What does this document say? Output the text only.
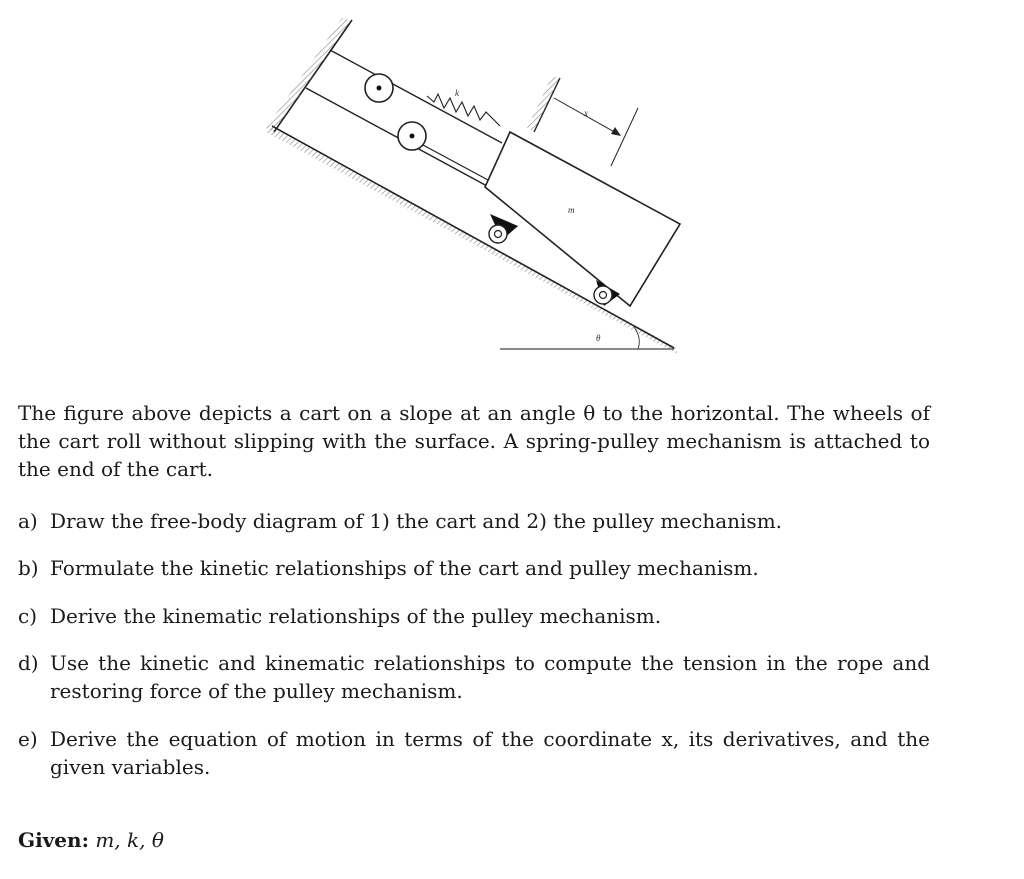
θ
k
x
m

The figure above depicts a cart on a slope at an angle θ to the horizontal. The wheels of the cart roll without slipping with the surface. A spring-pulley mechanism is attached to the end of the cart.

a) Draw the free-body diagram of 1) the cart and 2) the pulley mechanism.
b) Formulate the kinetic relationships of the cart and pulley mechanism.
c) Derive the kinematic relationships of the pulley mechanism.
d) Use the kinetic and kinematic relationships to compute the tension in the rope and restoring force of the pulley mechanism.
e) Derive the equation of motion in terms of the coordinate x, its derivatives, and the given variables.
Given: m, k, θ
